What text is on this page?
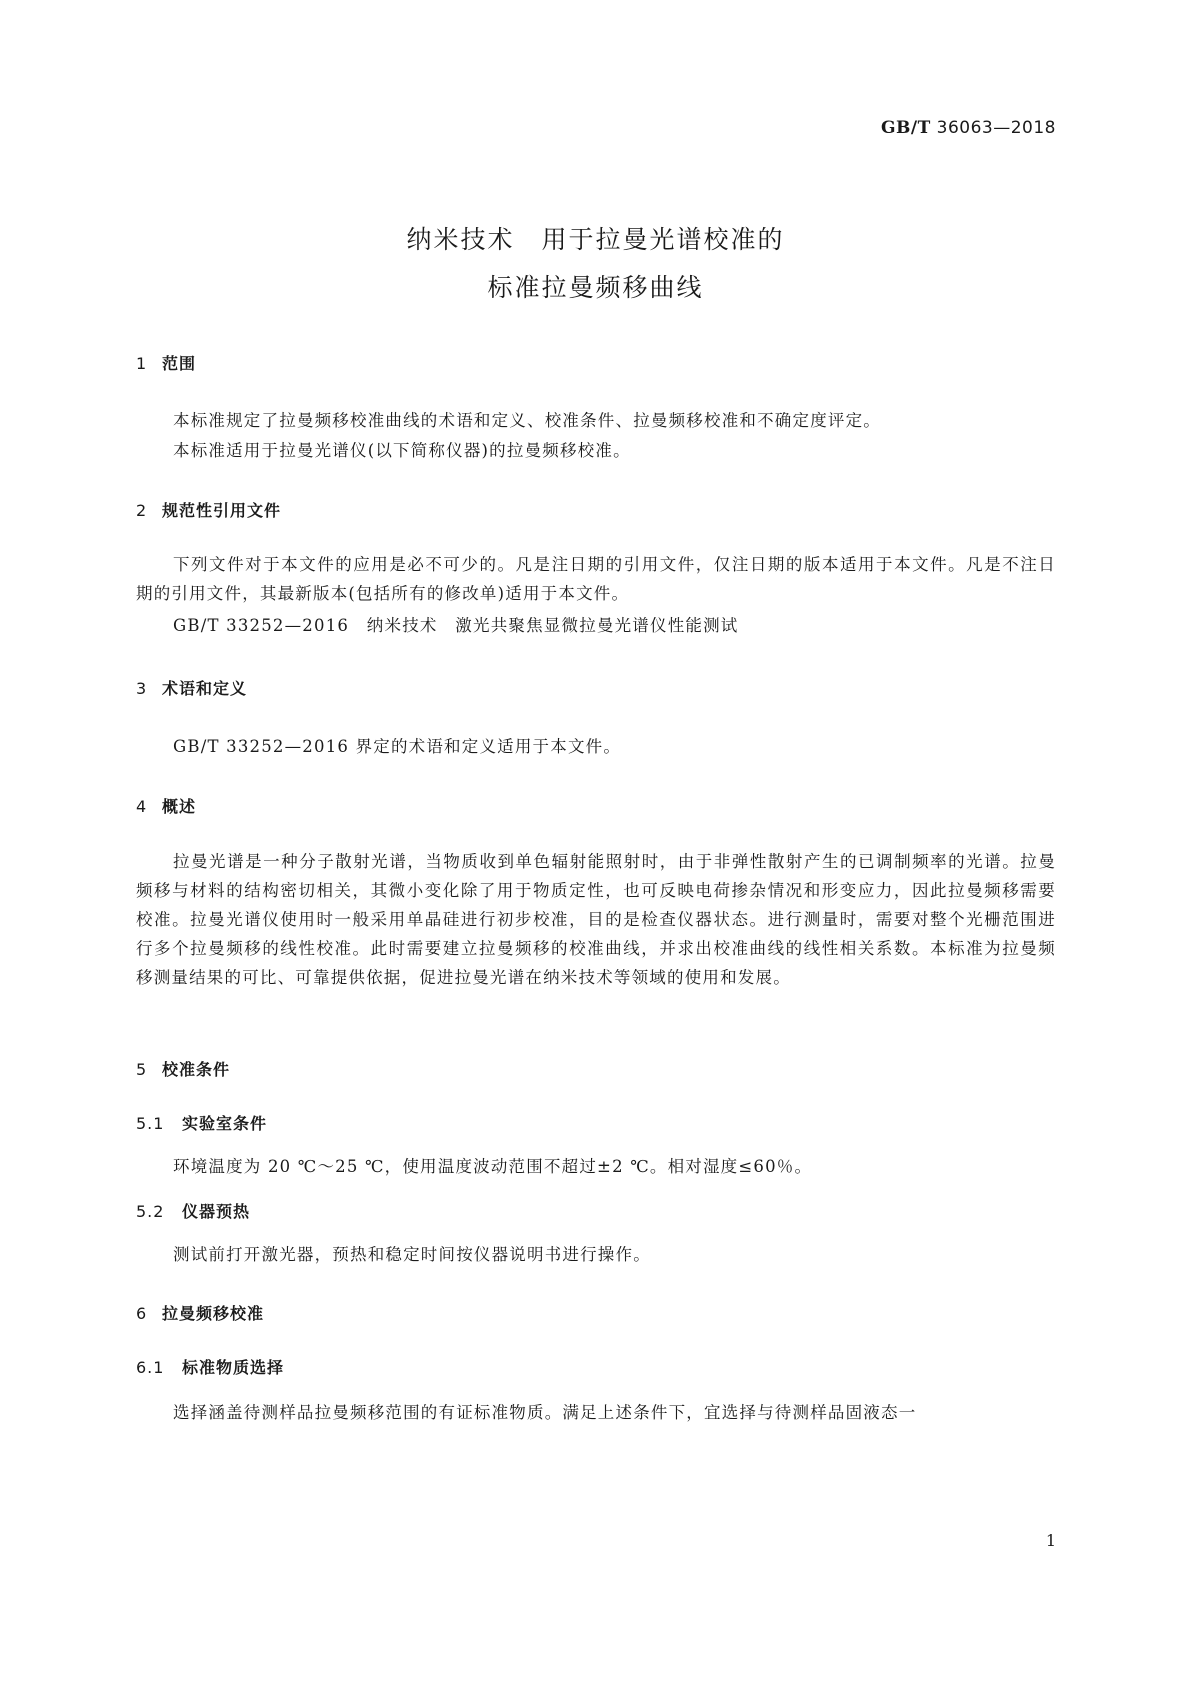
GB/T 36063—2018
纳米技术　用于拉曼光谱校准的
标准拉曼频移曲线
1 范围
本标准规定了拉曼频移校准曲线的术语和定义、校准条件、拉曼频移校准和不确定度评定。
本标准适用于拉曼光谱仪(以下简称仪器)的拉曼频移校准。
2 规范性引用文件
下列文件对于本文件的应用是必不可少的。凡是注日期的引用文件，仅注日期的版本适用于本文件。凡是不注日期的引用文件，其最新版本(包括所有的修改单)适用于本文件。
GB/T 33252—2016　纳米技术　激光共聚焦显微拉曼光谱仪性能测试
3 术语和定义
GB/T 33252—2016 界定的术语和定义适用于本文件。
4 概述
拉曼光谱是一种分子散射光谱，当物质收到单色辐射能照射时，由于非弹性散射产生的已调制频率的光谱。拉曼频移与材料的结构密切相关，其微小变化除了用于物质定性，也可反映电荷掺杂情况和形变应力，因此拉曼频移需要校准。拉曼光谱仪使用时一般采用单晶硅进行初步校准，目的是检查仪器状态。进行测量时，需要对整个光栅范围进行多个拉曼频移的线性校准。此时需要建立拉曼频移的校准曲线，并求出校准曲线的线性相关系数。本标准为拉曼频移测量结果的可比、可靠提供依据，促进拉曼光谱在纳米技术等领域的使用和发展。
5 校准条件
5.1 实验室条件
环境温度为 20 ℃～25 ℃，使用温度波动范围不超过±2 ℃。相对湿度≤60％。
5.2 仪器预热
测试前打开激光器，预热和稳定时间按仪器说明书进行操作。
6 拉曼频移校准
6.1 标准物质选择
选择涵盖待测样品拉曼频移范围的有证标准物质。满足上述条件下，宜选择与待测样品固液态一
1
